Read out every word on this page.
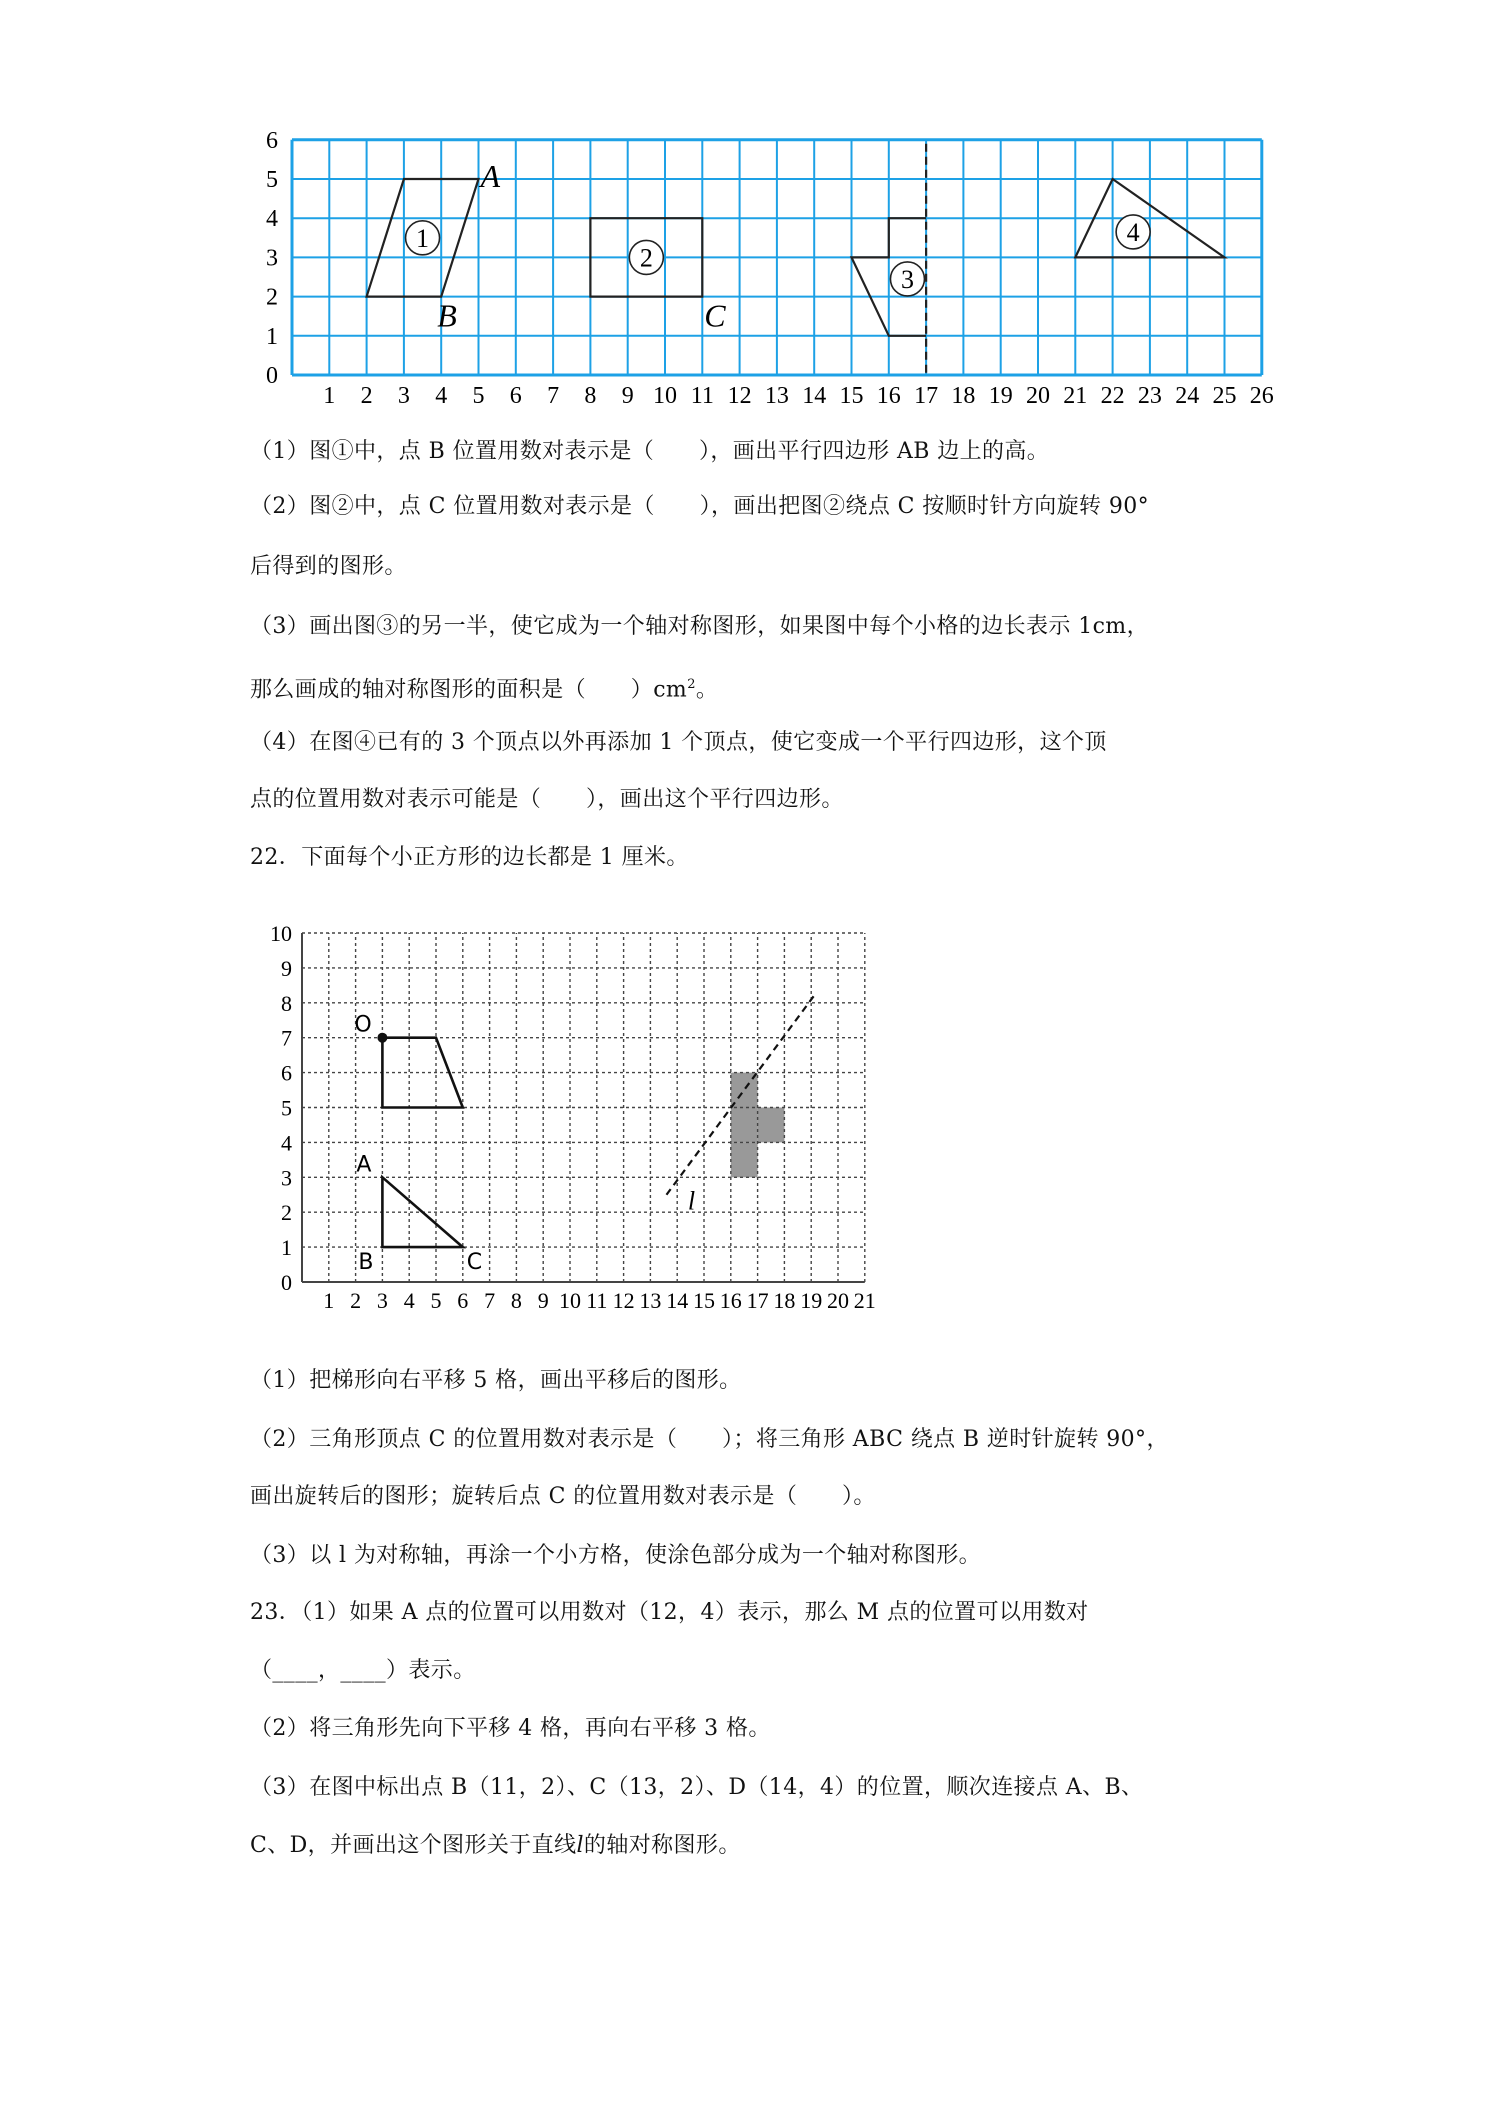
1 2 3 4 5 6 7 8 9 10 11 12 13 14 15 16 17 18 19 20 21 22 23 24 25 26
0
1
2
3
4
5
6
1
2
3
4
A
B	C
（1）图①中，点 B 位置用数对表示是（　　），画出平行四边形 AB 边上的高。
（2）图②中，点 C 位置用数对表示是（　　），画出把图②绕点 C 按顺时针方向旋转 90°
后得到的图形。
（3）画出图③的另一半，使它成为一个轴对称图形，如果图中每个小格的边长表示 1cm，
那么画成的轴对称图形的面积是（　　）$cm^2$。
（4）在图④已有的 3 个顶点以外再添加 1 个顶点，使它变成一个平行四边形，这个顶
点的位置用数对表示可能是（　　），画出这个平行四边形。
22．下面每个小正方形的边长都是 1 厘米。
1 2 3 4 5 6 7 8 9 10 11 12 13 14 15 16 17 18 19 20 21
0
1
2
3
4
5
6
7
8
9
10
O
A
B	C
l
（1）把梯形向右平移 5 格，画出平移后的图形。
（2）三角形顶点 C 的位置用数对表示是（　　）；将三角形 ABC 绕点 B 逆时针旋转 90°，
画出旋转后的图形；旋转后点 C 的位置用数对表示是（　　）。
（3）以 l 为对称轴，再涂一个小方格，使涂色部分成为一个轴对称图形。
23．（1）如果 A 点的位置可以用数对（12，4）表示，那么 M 点的位置可以用数对
（____，____）表示。
（2）将三角形先向下平移 4 格，再向右平移 3 格。
（3）在图中标出点 B（11，2）、C（13，2）、D（14，4）的位置，顺次连接点 A、B、
C、D，并画出这个图形关于直线l的轴对称图形。
